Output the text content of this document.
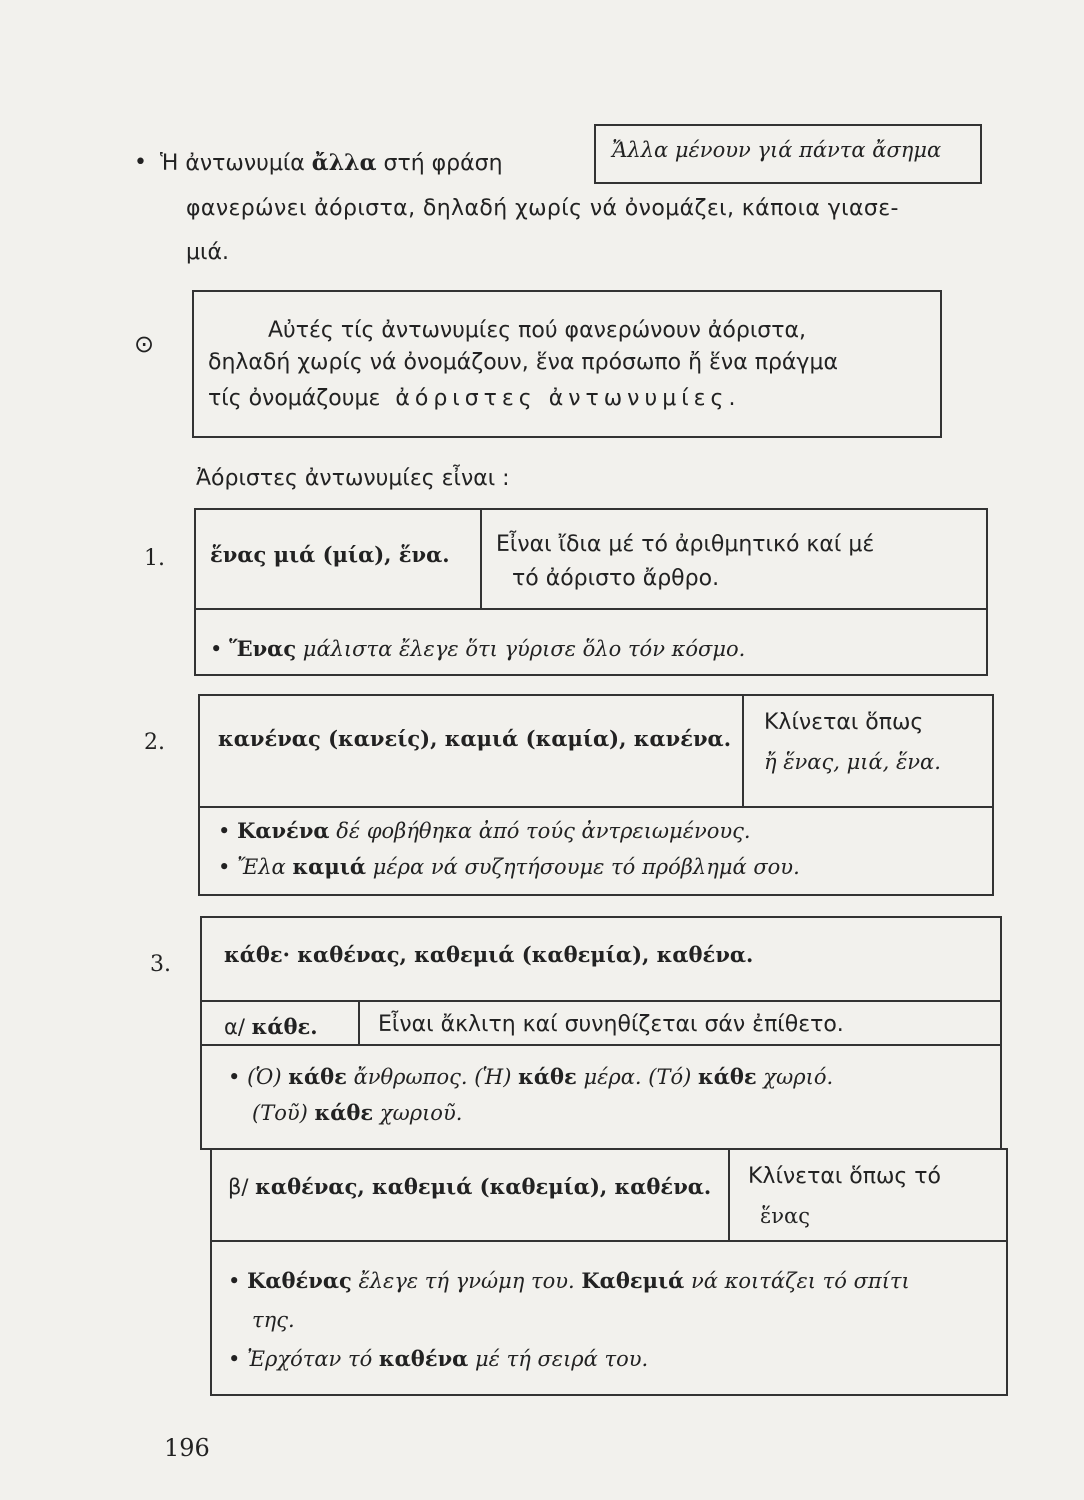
• Ἡ ἀντωνυμία ἄλλα στή φράση
Ἄλλα μένουν γιά πάντα ἄσημα
φανερώνει ἀόριστα, δηλαδή χωρίς νά ὀνομάζει, κάποια γιασε-
μιά.
⊙	Αὐτές τίς ἀντωνυμίες πού φανερώνουν ἀόριστα,
δηλαδή χωρίς νά ὀνομάζουν, ἕνα πρόσωπο ἤ ἕνα πράγμα
τίς ὀνομάζουμε ἀόριστες ἀντωνυμίες.
Ἀόριστες ἀντωνυμίες εἶναι :
1. ἕνας μιά (μία), ἕνα. Εἶναι ἴδια μέ τό ἀριθμητικό καί μέ
τό ἀόριστο ἄρθρο.
• Ἕνας μάλιστα ἔλεγε ὅτι γύρισε ὅλο τόν κόσμο.
2.	κανένας (κανείς), καμιά (καμία), κανένα.
Κλίνεται ὅπως
ἤ ἕνας, μιά, ἕνα.
• Κανένα δέ φοβήθηκα ἀπό τούς ἀντρειωμένους.
• Ἔλα καμιά μέρα νά συζητήσουμε τό πρόβλημά σου.
3.	κάθε· καθένας, καθεμιά (καθεμία), καθένα.
α/ κάθε.	Εἶναι ἄκλιτη καί συνηθίζεται σάν ἐπίθετο.
• (Ὁ) κάθε ἄνθρωπος. (Ἡ) κάθε μέρα. (Τό) κάθε χωριό.
(Τοῦ) κάθε χωριοῦ.
β/ καθένας, καθεμιά (καθεμία), καθένα. Κλίνεται ὅπως τό
ἕνας
• Καθένας ἔλεγε τή γνώμη του. Καθεμιά νά κοιτάζει τό σπίτι
της.
• Ἐρχόταν τό καθένα μέ τή σειρά του.
196
